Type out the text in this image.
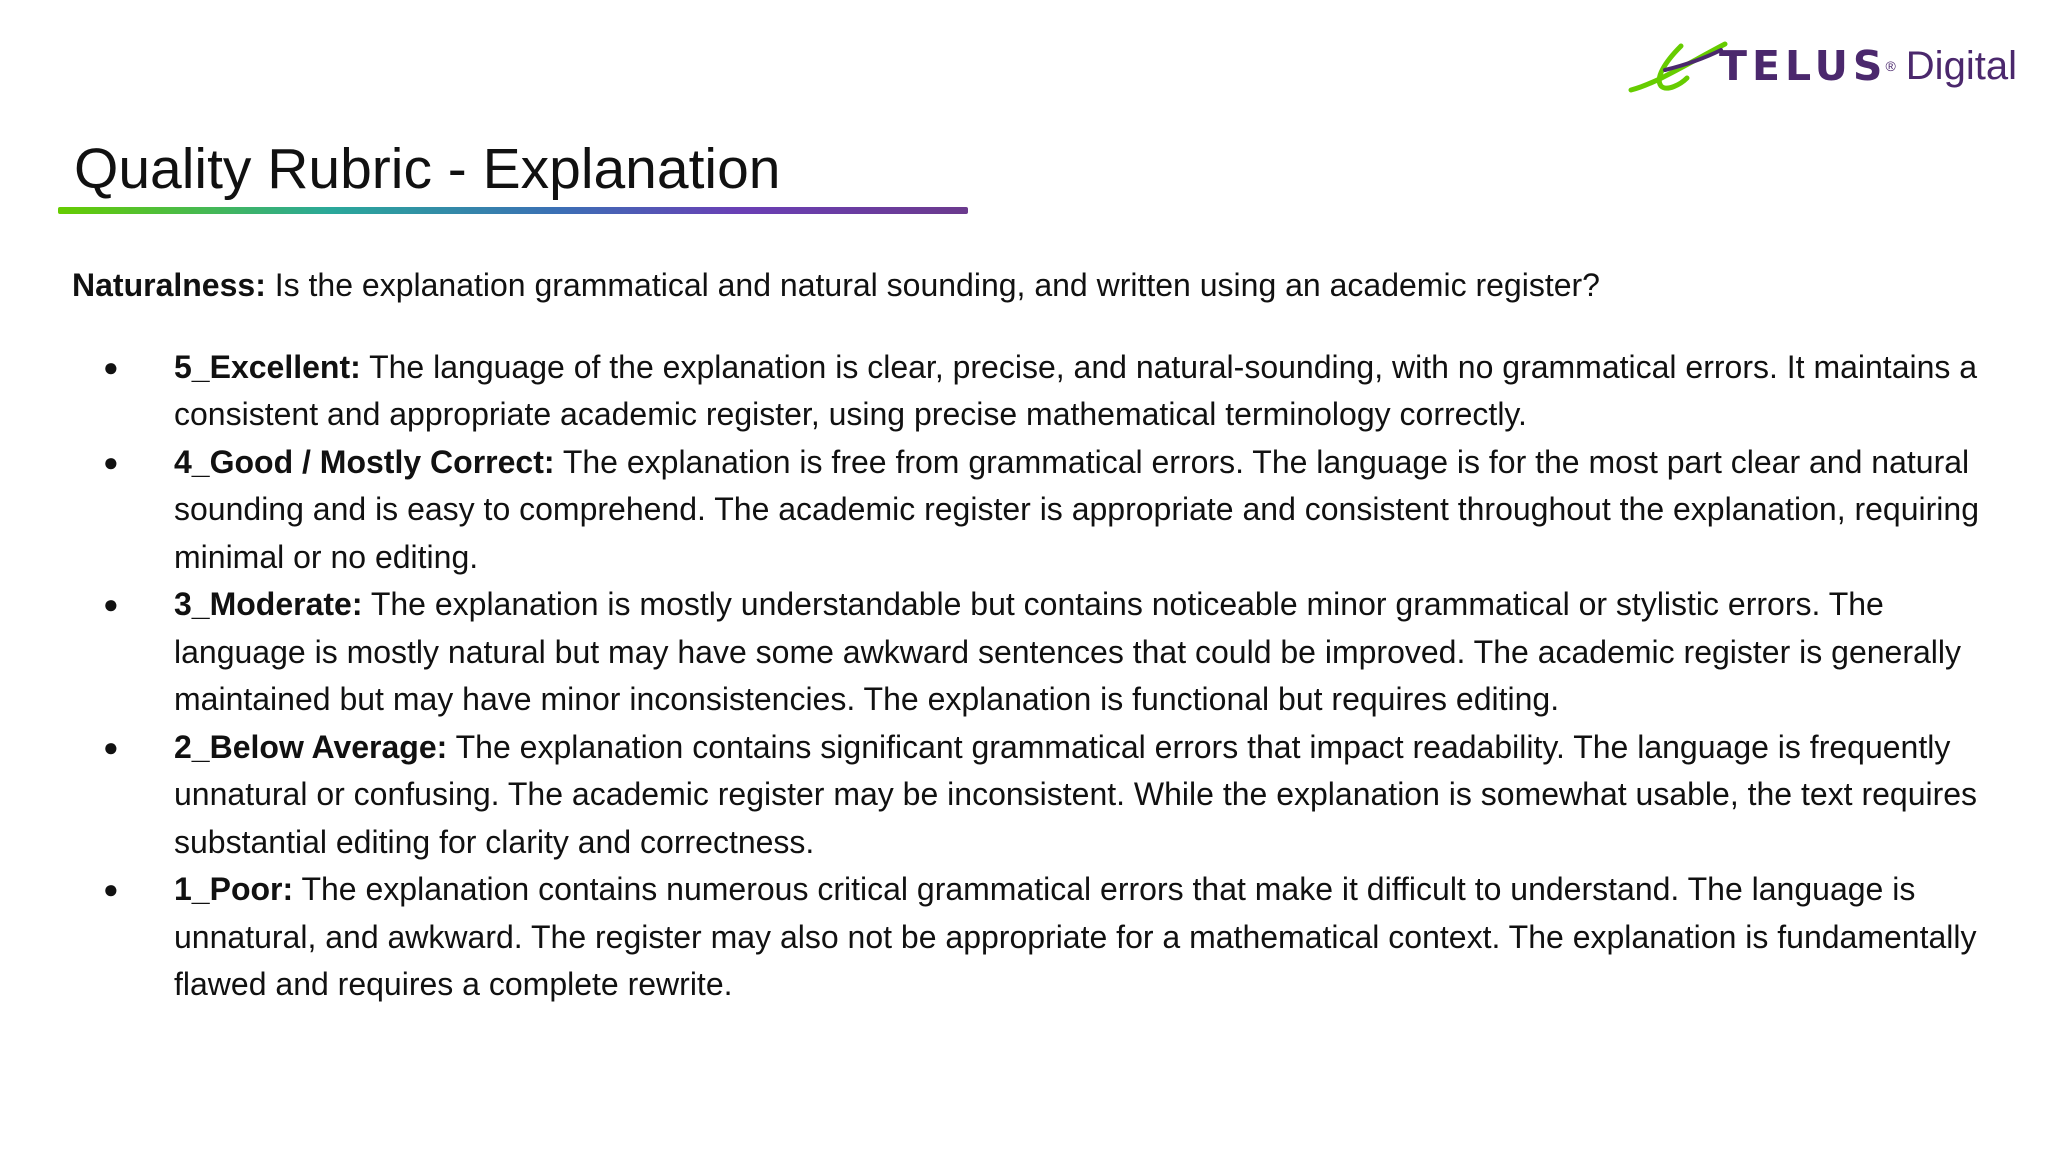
TELUS
® Digital
Quality Rubric - Explanation

Naturalness: Is the explanation grammatical and natural sounding, and written using an academic register?

● 5_Excellent: The language of the explanation is clear, precise, and natural-sounding, with no grammatical errors. It maintains a consistent and appropriate academic register, using precise mathematical terminology correctly.
● 4_Good / Mostly Correct: The explanation is free from grammatical errors. The language is for the most part clear and natural sounding and is easy to comprehend. The academic register is appropriate and consistent throughout the explanation, requiring minimal or no editing.
● 3_Moderate: The explanation is mostly understandable but contains noticeable minor grammatical or stylistic errors. The language is mostly natural but may have some awkward sentences that could be improved. The academic register is generally maintained but may have minor inconsistencies. The explanation is functional but requires editing.
● 2_Below Average: The explanation contains significant grammatical errors that impact readability. The language is frequently unnatural or confusing. The academic register may be inconsistent. While the explanation is somewhat usable, the text requires substantial editing for clarity and correctness.
● 1_Poor: The explanation contains numerous critical grammatical errors that make it difficult to understand. The language is unnatural, and awkward. The register may also not be appropriate for a mathematical context. The explanation is fundamentally flawed and requires a complete rewrite.
